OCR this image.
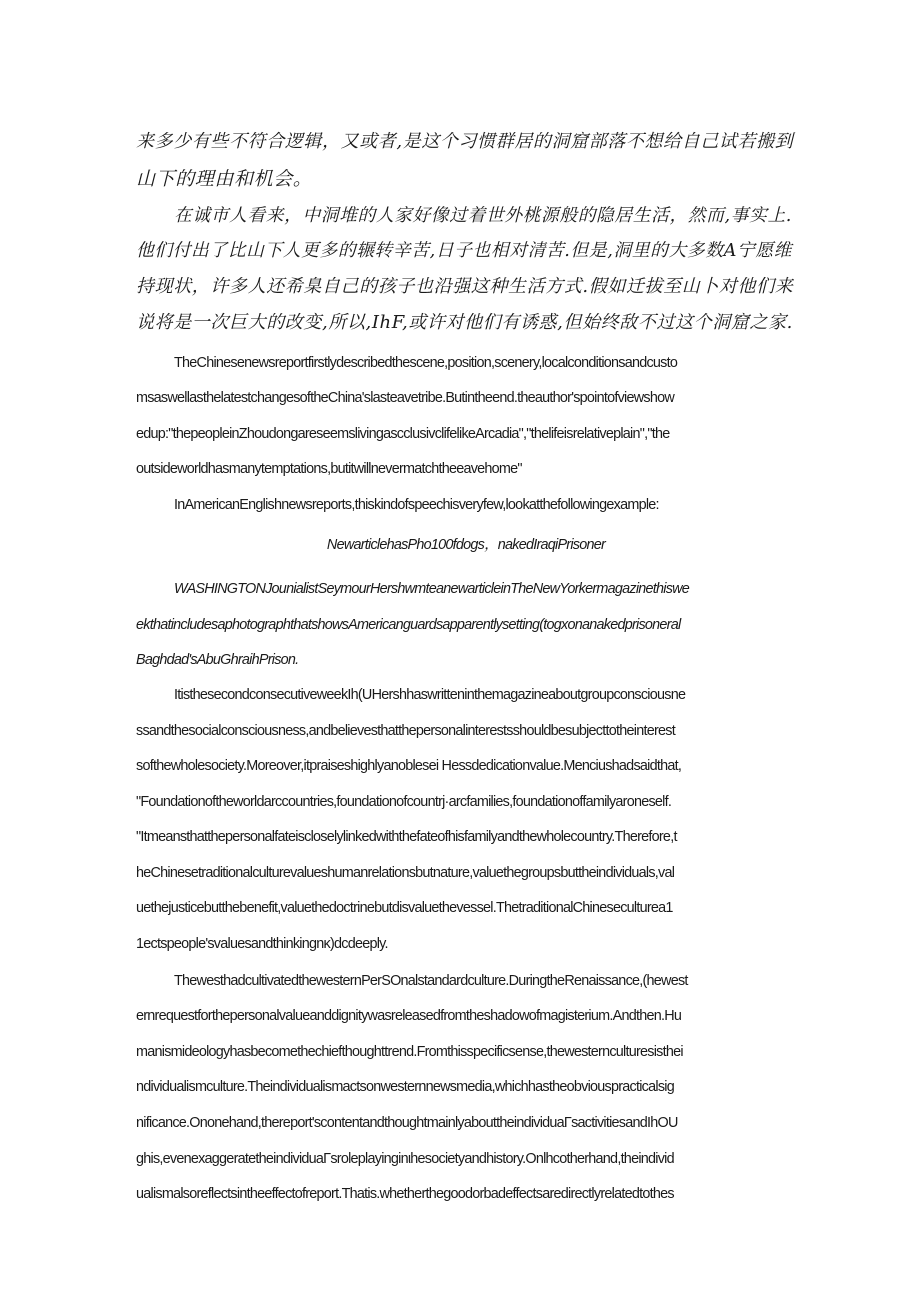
来多少有些不符合逻辑，又或者,是这个习惯群居的洞窟部落不想给自己试若搬到
山下的理由和机会。
在诚市人看来，中洞堆的人家好像过着世外桃源般的隐居生活，然而,事实上.
他们付出了比山下人更多的辗转辛苦,日子也相对清苦.但是,洞里的大多数A宁愿维
持现状，许多人还希臬自己的孩子也沿强这种生活方式.假如迁拔至山卜对他们来
说将是一次巨大的改变,所以,IhF,或许对他们有诱惑,但始终敌不过这个洞窟之家.
TheChinesenewsreportfirstlydescribedthescene,position,scenery,localconditionsandcusto
msaswellasthelatestchangesoftheChina'slasteavetribe.Butintheend.theauthor'spointofviewshow
edup:"thepeopleinZhoudongareseemslivingascclusivclifelikeArcadia","thelifeisrelativeplain","the
outsideworldhasmanytemptations,butitwillnevermatchtheeavehome"
InAmericanEnglishnewsreports,thiskindofspeechisveryfew,lookatthefollowingexample:
NewarticlehasPho100fdogs，nakedIraqiPrisoner
WASHINGTONJounialistSeymourHershwmteanewarticleinTheNewYorkermagazinethiswe
ekthatincludesaphotographthatshowsAmericanguardsapparentlysetting(togxonanakedprisoneral
Baghdad'sAbuGhraihPrison.
ItisthesecondconsecutiveweekIh(UHershhaswritteninthemagazineaboutgroupconsciousne
ssandthesocialconsciousness,andbelievesthatthepersonalinterestsshouldbesubjecttotheinterest
softhewholesociety.Moreover,itpraiseshighlyanoblesei Hessdedicationvalue.Menciushadsaidthat,
"Foundationoftheworldarccountries,foundationofcountrj·arcfamilies,foundationoffamilyaroneself.
"Itmeansthatthepersonalfateiscloselylinkedwiththefateofhisfamilyandthewholecountry.Therefore,t
heChinesetraditionalculturevalueshumanrelationsbutnature,valuethegroupsbuttheindividuals,val
uethejusticebutthebenefit,valuethedoctrinebutdisvaluethevessel.ThetraditionalChineseculturea1
1ectspeople'svaluesandthinkingnκ)dcdeeply.
ThewesthadcultivatedthewesternPerSOnalstandardculture.DuringtheRenaissance,(hewest
ernrequestforthepersonalvalueanddignitywasreleasedfromtheshadowofmagisterium.Andthen.Hu
manismideologyhasbecomethechiefthoughttrend.Fromthisspecificsense,thewesternculturesisthei
ndividualismculture.Theindividualismactsonwesternnewsmedia,whichhastheobviouspracticalsig
nificance.Ononehand,thereport'scontentandthoughtmainlyabouttheindividuaΓsactivitiesandIhOU
ghis,evenexaggeratetheindividuaΓsroleplayinginιhesocietyandhistory.Onlhcotherhand,theindivid
ualismalsoreflectsintheeffectofreport.Thatis.whetherthegoodorbadeffectsaredirectlyrelatedtothes
